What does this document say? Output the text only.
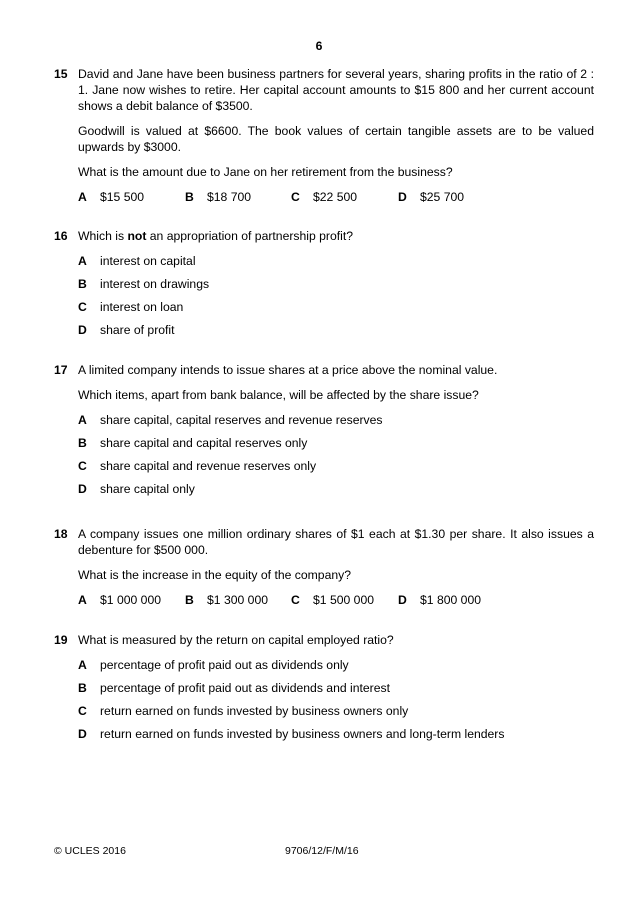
6
15 David and Jane have been business partners for several years, sharing profits in the ratio of 2 : 1. Jane now wishes to retire. Her capital account amounts to $15 800 and her current account shows a debit balance of $3500.

Goodwill is valued at $6600. The book values of certain tangible assets are to be valued upwards by $3000.

What is the amount due to Jane on her retirement from the business?

A $15 500	B $18 700	C $22 500	D $25 700
16 Which is not an appropriation of partnership profit?

A interest on capital
B interest on drawings
C interest on loan
D share of profit
17 A limited company intends to issue shares at a price above the nominal value.

Which items, apart from bank balance, will be affected by the share issue?

A share capital, capital reserves and revenue reserves
B share capital and capital reserves only
C share capital and revenue reserves only
D share capital only
18 A company issues one million ordinary shares of $1 each at $1.30 per share. It also issues a debenture for $500 000.

What is the increase in the equity of the company?

A $1 000 000 B $1 300 000 C $1 500 000 D $1 800 000
19 What is measured by the return on capital employed ratio?

A percentage of profit paid out as dividends only
B percentage of profit paid out as dividends and interest
C return earned on funds invested by business owners only
D return earned on funds invested by business owners and long-term lenders
© UCLES 2016	9706/12/F/M/16
